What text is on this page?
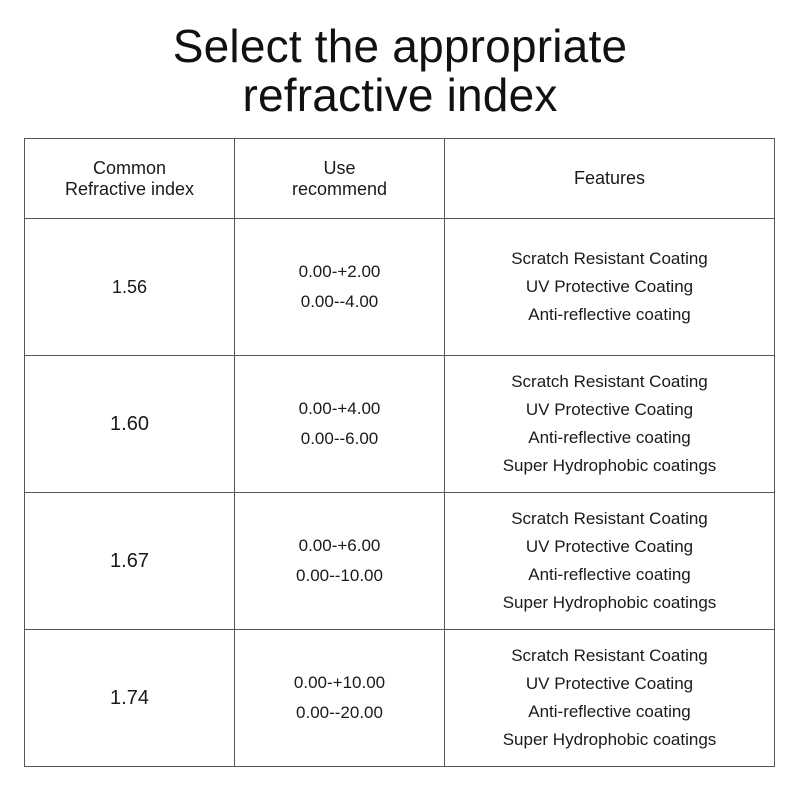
Select the appropriate
refractive index
Common
Refractive index
Use
recommend
Features
1.56
0.00-+2.00
0.00--4.00
Scratch Resistant Coating
UV Protective Coating
Anti-reflective coating
1.60
0.00-+4.00
0.00--6.00
Scratch Resistant Coating
UV Protective Coating
Anti-reflective coating
Super Hydrophobic coatings
1.67
0.00-+6.00
0.00--10.00
Scratch Resistant Coating
UV Protective Coating
Anti-reflective coating
Super Hydrophobic coatings
1.74
0.00-+10.00
0.00--20.00
Scratch Resistant Coating
UV Protective Coating
Anti-reflective coating
Super Hydrophobic coatings
